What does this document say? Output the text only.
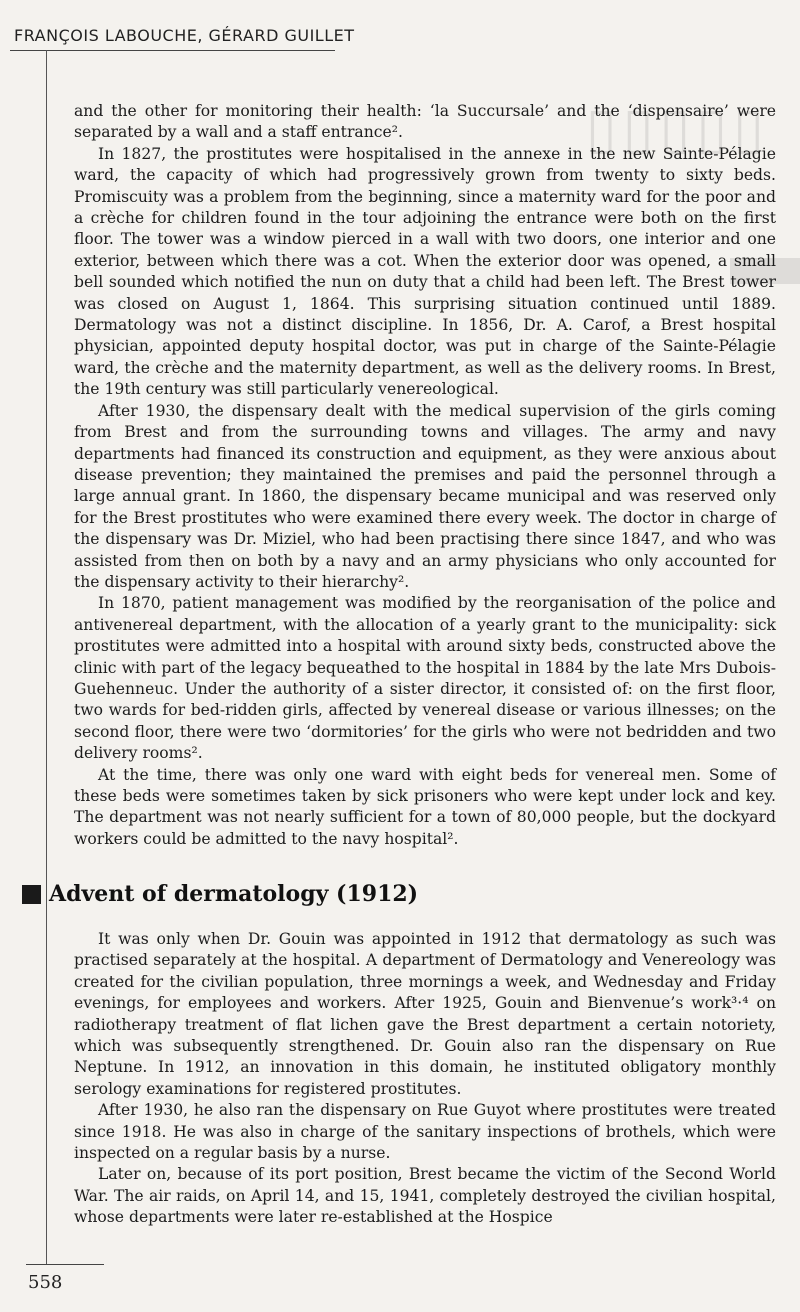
▯▯▯▯▯
FRANÇOIS LABOUCHE, GÉRARD GUILLET

and the other for monitoring their health: ‘la Succursale’ and the ‘dispensaire’ were separated by a wall and a staff entrance².

In 1827, the prostitutes were hospitalised in the annexe in the new Sainte-Pélagie ward, the capacity of which had progressively grown from twenty to sixty beds. Promiscuity was a problem from the beginning, since a maternity ward for the poor and a crèche for children found in the tour adjoining the entrance were both on the first floor. The tower was a window pierced in a wall with two doors, one interior and one exterior, between which there was a cot. When the exterior door was opened, a small bell sounded which notified the nun on duty that a child had been left. The Brest tower was closed on August 1, 1864. This surprising situation continued until 1889. Dermatology was not a distinct discipline. In 1856, Dr. A. Carof, a Brest hospital physician, appointed deputy hospital doctor, was put in charge of the Sainte-Pélagie ward, the crèche and the maternity department, as well as the delivery rooms. In Brest, the 19th century was still particularly venereological.

After 1930, the dispensary dealt with the medical supervision of the girls coming from Brest and from the surrounding towns and villages. The army and navy departments had financed its construction and equipment, as they were anxious about disease prevention; they maintained the premises and paid the personnel through a large annual grant. In 1860, the dispensary became municipal and was reserved only for the Brest prostitutes who were examined there every week. The doctor in charge of the dispensary was Dr. Miziel, who had been practising there since 1847, and who was assisted from then on both by a navy and an army physicians who only accounted for the dispensary activity to their hierarchy².

In 1870, patient management was modified by the reorganisation of the police and antivenereal department, with the allocation of a yearly grant to the municipality: sick prostitutes were admitted into a hospital with around sixty beds, constructed above the clinic with part of the legacy bequeathed to the hospital in 1884 by the late Mrs Dubois-Guehenneuc. Under the authority of a sister director, it consisted of: on the first floor, two wards for bed-ridden girls, affected by venereal disease or various illnesses; on the second floor, there were two ‘dormitories’ for the girls who were not bedridden and two delivery rooms².

At the time, there was only one ward with eight beds for venereal men. Some of these beds were sometimes taken by sick prisoners who were kept under lock and key. The department was not nearly sufficient for a town of 80,000 people, but the dockyard workers could be admitted to the navy hospital².

Advent of dermatology (1912)

It was only when Dr. Gouin was appointed in 1912 that dermatology as such was practised separately at the hospital. A department of Dermatology and Venereology was created for the civilian population, three mornings a week, and Wednesday and Friday evenings, for employees and workers. After 1925, Gouin and Bienvenue’s work³·⁴ on radiotherapy treatment of flat lichen gave the Brest department a certain notoriety, which was subsequently strengthened. Dr. Gouin also ran the dispensary on Rue Neptune. In 1912, an innovation in this domain, he instituted obligatory monthly serology examinations for registered prostitutes.

After 1930, he also ran the dispensary on Rue Guyot where prostitutes were treated since 1918. He was also in charge of the sanitary inspections of brothels, which were inspected on a regular basis by a nurse.

Later on, because of its port position, Brest became the victim of the Second World War. The air raids, on April 14, and 15, 1941, completely destroyed the civilian hospital, whose departments were later re-established at the Hospice

558
